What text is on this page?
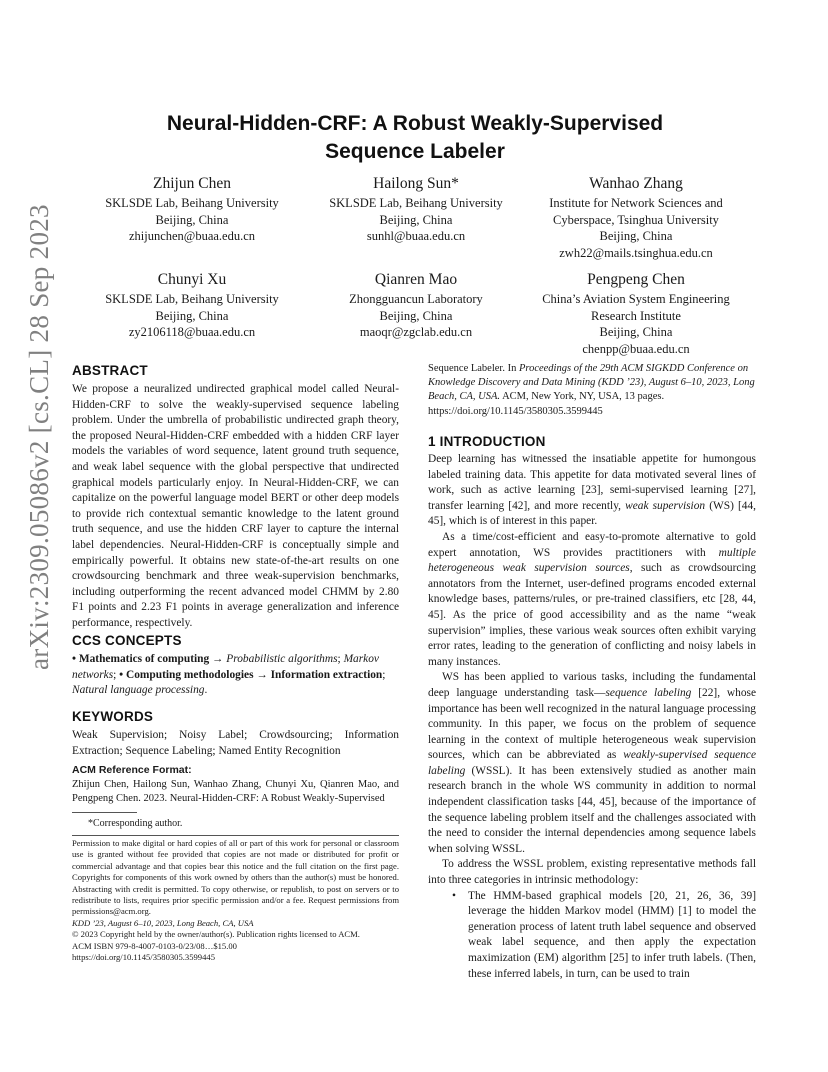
arXiv:2309.05086v2 [cs.CL] 28 Sep 2023
Neural-Hidden-CRF: A Robust Weakly-Supervised
Sequence Labeler
Zhijun Chen
SKLSDE Lab, Beihang University
Beijing, China
zhijunchen@buaa.edu.cn
Hailong Sun*
SKLSDE Lab, Beihang University
Beijing, China
sunhl@buaa.edu.cn
Wanhao Zhang
Institute for Network Sciences and
Cyberspace, Tsinghua University
Beijing, China
zwh22@mails.tsinghua.edu.cn
Chunyi Xu
SKLSDE Lab, Beihang University
Beijing, China
zy2106118@buaa.edu.cn
Qianren Mao
Zhongguancun Laboratory
Beijing, China
maoqr@zgclab.edu.cn
Pengpeng Chen
China’s Aviation System Engineering
Research Institute
Beijing, China
chenpp@buaa.edu.cn
ABSTRACT

We propose a neuralized undirected graphical model called Neural-Hidden-CRF to solve the weakly-supervised sequence labeling problem. Under the umbrella of probabilistic undirected graph theory, the proposed Neural-Hidden-CRF embedded with a hidden CRF layer models the variables of word sequence, latent ground truth sequence, and weak label sequence with the global perspective that undirected graphical models particularly enjoy. In Neural-Hidden-CRF, we can capitalize on the powerful language model BERT or other deep models to provide rich contextual semantic knowledge to the latent ground truth sequence, and use the hidden CRF layer to capture the internal label dependencies. Neural-Hidden-CRF is conceptually simple and empirically powerful. It obtains new state-of-the-art results on one crowdsourcing benchmark and three weak-supervision benchmarks, including outperforming the recent advanced model CHMM by 2.80 F1 points and 2.23 F1 points in average generalization and inference performance, respectively.

CCS CONCEPTS

• Mathematics of computing → Probabilistic algorithms; Markov networks; • Computing methodologies → Information extraction; Natural language processing.

KEYWORDS

Weak Supervision; Noisy Label; Crowdsourcing; Information Extraction; Sequence Labeling; Named Entity Recognition

ACM Reference Format:

Zhijun Chen, Hailong Sun, Wanhao Zhang, Chunyi Xu, Qianren Mao, and Pengpeng Chen. 2023. Neural-Hidden-CRF: A Robust Weakly-Supervised

*Corresponding author.

Permission to make digital or hard copies of all or part of this work for personal or classroom use is granted without fee provided that copies are not made or distributed for profit or commercial advantage and that copies bear this notice and the full citation on the first page. Copyrights for components of this work owned by others than the author(s) must be honored. Abstracting with credit is permitted. To copy otherwise, or republish, to post on servers or to redistribute to lists, requires prior specific permission and/or a fee. Request permissions from permissions@acm.org.

KDD ’23, August 6–10, 2023, Long Beach, CA, USA

© 2023 Copyright held by the owner/author(s). Publication rights licensed to ACM.

ACM ISBN 979-8-4007-0103-0/23/08…$15.00

https://doi.org/10.1145/3580305.3599445

Sequence Labeler. In Proceedings of the 29th ACM SIGKDD Conference on Knowledge Discovery and Data Mining (KDD ’23), August 6–10, 2023, Long Beach, CA, USA. ACM, New York, NY, USA, 13 pages. https://doi.org/10.1145/3580305.3599445

1 INTRODUCTION

Deep learning has witnessed the insatiable appetite for humongous labeled training data. This appetite for data motivated several lines of work, such as active learning [23], semi-supervised learning [27], transfer learning [42], and more recently, weak supervision (WS) [44, 45], which is of interest in this paper.

As a time/cost-efficient and easy-to-promote alternative to gold expert annotation, WS provides practitioners with multiple heterogeneous weak supervision sources, such as crowdsourcing annotators from the Internet, user-defined programs encoded external knowledge bases, patterns/rules, or pre-trained classifiers, etc [28, 44, 45]. As the price of good accessibility and as the name “weak supervision” implies, these various weak sources often exhibit varying error rates, leading to the generation of conflicting and noisy labels in many instances.

WS has been applied to various tasks, including the fundamental deep language understanding task—sequence labeling [22], whose importance has been well recognized in the natural language processing community. In this paper, we focus on the problem of sequence learning in the context of multiple heterogeneous weak supervision sources, which can be abbreviated as weakly-supervised sequence labeling (WSSL). It has been extensively studied as another main research branch in the whole WS community in addition to normal independent classification tasks [44, 45], because of the importance of the sequence labeling problem itself and the challenges associated with the need to consider the internal dependencies among sequence labels when solving WSSL.

To address the WSSL problem, existing representative methods fall into three categories in intrinsic methodology:

• The HMM-based graphical models [20, 21, 26, 36, 39] leverage the hidden Markov model (HMM) [1] to model the generation process of latent truth label sequence and observed weak label sequence, and then apply the expectation maximization (EM) algorithm [25] to infer truth labels. (Then, these inferred labels, in turn, can be used to train
